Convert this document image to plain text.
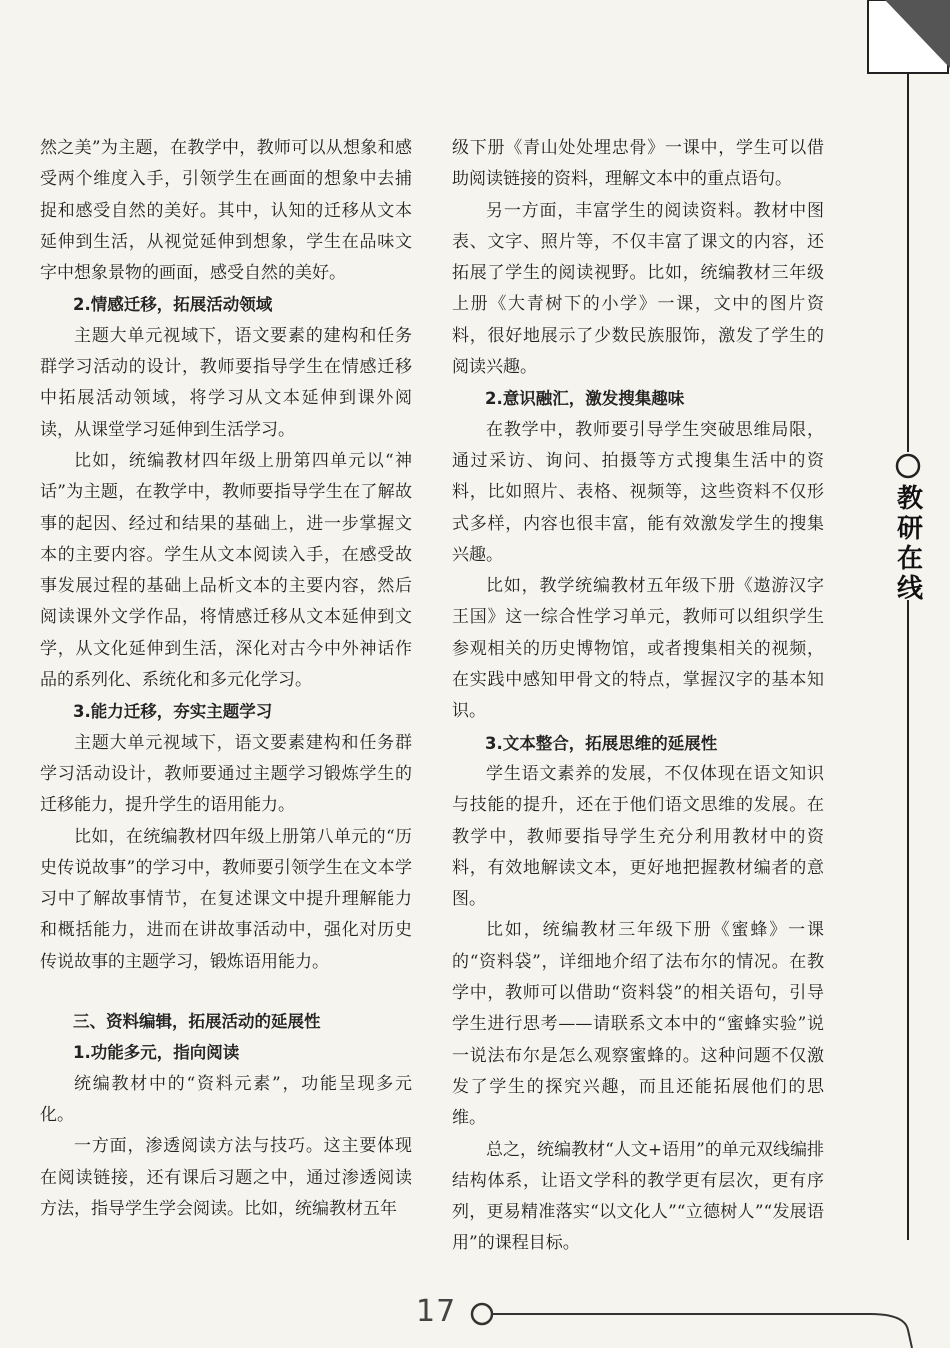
教
研
在
线

然之美”为主题，在教学中，教师可以从想象和感受两个维度入手，引领学生在画面的想象中去捕捉和感受自然的美好。其中，认知的迁移从文本延伸到生活，从视觉延伸到想象，学生在品味文字中想象景物的画面，感受自然的美好。

2.情感迁移，拓展活动领域

主题大单元视域下，语文要素的建构和任务群学习活动的设计，教师要指导学生在情感迁移中拓展活动领域，将学习从文本延伸到课外阅读，从课堂学习延伸到生活学习。

比如，统编教材四年级上册第四单元以“神话”为主题，在教学中，教师要指导学生在了解故事的起因、经过和结果的基础上，进一步掌握文本的主要内容。学生从文本阅读入手，在感受故事发展过程的基础上品析文本的主要内容，然后阅读课外文学作品，将情感迁移从文本延伸到文学，从文化延伸到生活，深化对古今中外神话作品的系列化、系统化和多元化学习。

3.能力迁移，夯实主题学习

主题大单元视域下，语文要素建构和任务群学习活动设计，教师要通过主题学习锻炼学生的迁移能力，提升学生的语用能力。

比如，在统编教材四年级上册第八单元的“历史传说故事”的学习中，教师要引领学生在文本学习中了解故事情节，在复述课文中提升理解能力和概括能力，进而在讲故事活动中，强化对历史传说故事的主题学习，锻炼语用能力。

三、资料编辑，拓展活动的延展性

1.功能多元，指向阅读

统编教材中的“资料元素”，功能呈现多元化。

一方面，渗透阅读方法与技巧。这主要体现在阅读链接，还有课后习题之中，通过渗透阅读方法，指导学生学会阅读。比如，统编教材五年

级下册《青山处处埋忠骨》一课中，学生可以借助阅读链接的资料，理解文本中的重点语句。

另一方面，丰富学生的阅读资料。教材中图表、文字、照片等，不仅丰富了课文的内容，还拓展了学生的阅读视野。比如，统编教材三年级上册《大青树下的小学》一课，文中的图片资料，很好地展示了少数民族服饰，激发了学生的阅读兴趣。

2.意识融汇，激发搜集趣味

在教学中，教师要引导学生突破思维局限，通过采访、询问、拍摄等方式搜集生活中的资料，比如照片、表格、视频等，这些资料不仅形式多样，内容也很丰富，能有效激发学生的搜集兴趣。

比如，教学统编教材五年级下册《遨游汉字王国》这一综合性学习单元，教师可以组织学生参观相关的历史博物馆，或者搜集相关的视频，在实践中感知甲骨文的特点，掌握汉字的基本知识。

3.文本整合，拓展思维的延展性

学生语文素养的发展，不仅体现在语文知识与技能的提升，还在于他们语文思维的发展。在教学中，教师要指导学生充分利用教材中的资料，有效地解读文本，更好地把握教材编者的意图。

比如，统编教材三年级下册《蜜蜂》一课的“资料袋”，详细地介绍了法布尔的情况。在教学中，教师可以借助“资料袋”的相关语句，引导学生进行思考——请联系文本中的“蜜蜂实验”说一说法布尔是怎么观察蜜蜂的。这种问题不仅激发了学生的探究兴趣，而且还能拓展他们的思维。

总之，统编教材“人文+语用”的单元双线编排结构体系，让语文学科的教学更有层次，更有序列，更易精准落实“以文化人”“立德树人”“发展语用”的课程目标。

17
